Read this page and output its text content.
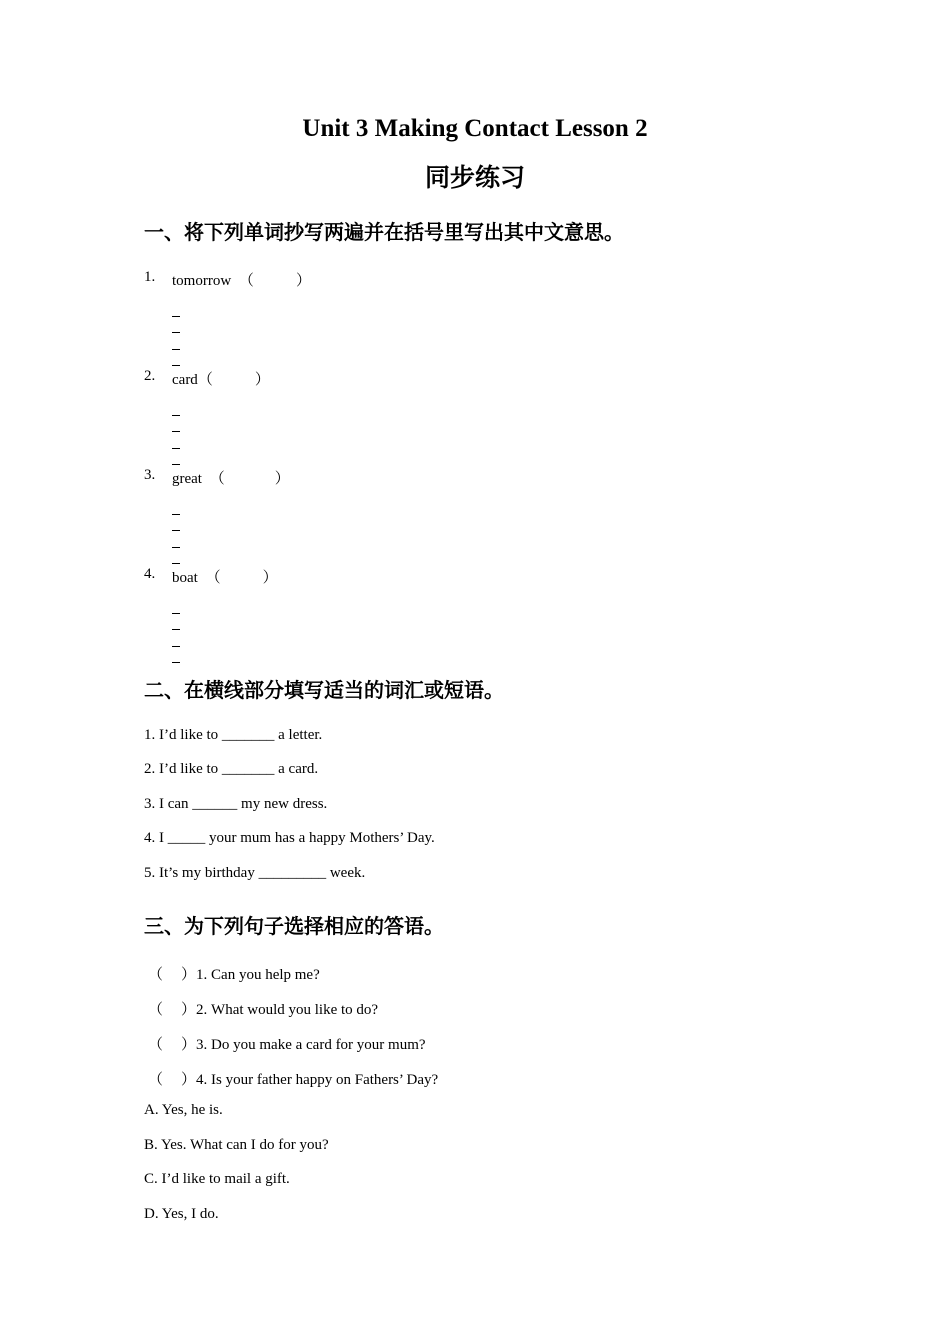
Unit 3 Making Contact Lesson 2
同步练习
一、将下列单词抄写两遍并在括号里写出其中文意思。
1. tomorrow （	）
2. card（	）
3. great （	）
4. boat （	）
二、在横线部分填写适当的词汇或短语。
1. I’d like to _______ a letter.
2. I’d like to _______ a card.
3. I can ______ my new dress.
4. I _____ your mum has a happy Mothers’ Day.
5. It’s my birthday _________ week.
三、为下列句子选择相应的答语。
（ ）1. Can you help me?
（ ）2. What would you like to do?
（ ）3. Do you make a card for your mum?
（ ）4. Is your father happy on Fathers’ Day?
A. Yes, he is.
B. Yes. What can I do for you?
C. I’d like to mail a gift.
D. Yes, I do.
